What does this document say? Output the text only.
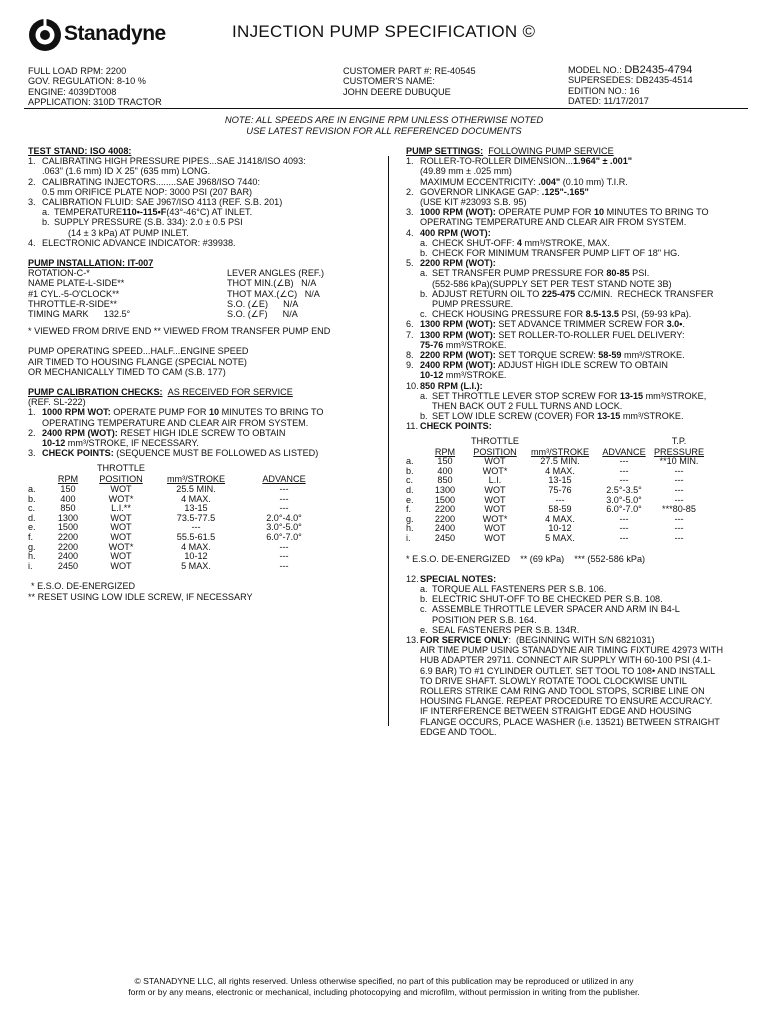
Stanadyne	INJECTION PUMP SPECIFICATION ©
FULL LOAD RPM: 2200
GOV. REGULATION: 8-10 %
ENGINE: 4039DT008
APPLICATION: 310D TRACTOR
CUSTOMER PART #: RE-40545
CUSTOMER'S NAME:
JOHN DEERE DUBUQUE
MODEL NO.: DB2435-4794
SUPERSEDES: DB2435-4514
EDITION NO.: 16
DATED: 11/17/2017
NOTE: ALL SPEEDS ARE IN ENGINE RPM UNLESS OTHERWISE NOTED
USE LATEST REVISION FOR ALL REFERENCED DOCUMENTS
TEST STAND: ISO 4008:
1. CALIBRATING HIGH PRESSURE PIPES...SAE J1418/ISO 4093:
.063" (1.6 mm) ID X 25" (635 mm) LONG.
2. CALIBRATING INJECTORS........SAE J968/ISO 7440:
0.5 mm ORIFICE PLATE NOP: 3000 PSI (207 BAR)
3. CALIBRATION FLUID: SAE J967/ISO 4113 (REF. S.B. 201)
a. TEMPERATURE 110•-115•F (43°-46°C) AT INLET.
b. SUPPLY PRESSURE (S.B. 334): 2.0 ± 0.5 PSI
(14 ± 3 kPa) AT PUMP INLET.
4. ELECTRONIC ADVANCE INDICATOR: #39938.
PUMP INSTALLATION: IT-007
ROTATION-C-*	LEVER ANGLES (REF.)
NAME PLATE-L-SIDE**	THOT MIN.(∠B)   N/A
#1 CYL.-5-O'CLOCK**	THOT MAX.(∠C)   N/A
THROTTLE-R-SIDE**	S.O. (∠E)      N/A
TIMING MARK      132.5°	S.O. (∠F)      N/A
* VIEWED FROM DRIVE END ** VIEWED FROM TRANSFER PUMP END
PUMP OPERATING SPEED...HALF...ENGINE SPEED
AIR TIMED TO HOUSING FLANGE (SPECIAL NOTE)
OR MECHANICALLY TIMED TO CAM (S.B. 177)
PUMP CALIBRATION CHECKS: AS RECEIVED FOR SERVICE
(REF. SL-222)
1. 1000 RPM WOT: OPERATE PUMP FOR 10 MINUTES TO BRING TO
OPERATING TEMPERATURE AND CLEAR AIR FROM SYSTEM.
2. 2400 RPM (WOT): RESET HIGH IDLE SCREW TO OBTAIN
10-12 mm³/STROKE, IF NECESSARY.
3. CHECK POINTS: (SEQUENCE MUST BE FOLLOWED AS LISTED)
		THROTTLE		
	RPM	POSITION	mm³/STROKE	ADVANCE
a.	150	WOT	25.5 MIN.	---
b.	400	WOT*	4 MAX.	---
c.	850	L.I.**	13-15	---
d.	1300	WOT	73.5-77.5	2.0°-4.0°
e.	1500	WOT	---	3.0°-5.0°
f.	2200	WOT	55.5-61.5	6.0°-7.0°
g.	2200	WOT*	4 MAX.	---
h.	2400	WOT	10-12	---
i.	2450	WOT	5 MAX.	---
* E.S.O. DE-ENERGIZED
** RESET USING LOW IDLE SCREW, IF NECESSARY
PUMP SETTINGS: FOLLOWING PUMP SERVICE
1. ROLLER-TO-ROLLER DIMENSION... 1.964" ± .001"
(49.89 mm ± .025 mm)
MAXIMUM ECCENTRICITY: .004" (0.10 mm) T.I.R.
2. GOVERNOR LINKAGE GAP: .125"-.165"
(USE KIT #23093 S.B. 95)
3. 1000 RPM (WOT): OPERATE PUMP FOR 10 MINUTES TO BRING TO
OPERATING TEMPERATURE AND CLEAR AIR FROM SYSTEM.
4. 400 RPM (WOT):
a. CHECK SHUT-OFF: 4 mm³/STROKE, MAX.
b. CHECK FOR MINIMUM TRANSFER PUMP LIFT OF 18" HG.
5. 2200 RPM (WOT):
a. SET TRANSFER PUMP PRESSURE FOR 80-85 PSI.
(552-586 kPa)(SUPPLY SET PER TEST STAND NOTE 3B)
b. ADJUST RETURN OIL TO 225-475 CC/MIN.  RECHECK TRANSFER
PUMP PRESSURE.
c. CHECK HOUSING PRESSURE FOR 8.5-13.5 PSI, (59-93 kPa).
6. 1300 RPM (WOT): SET ADVANCE TRIMMER SCREW FOR 3.0• .
7. 1300 RPM (WOT): SET ROLLER-TO-ROLLER FUEL DELIVERY:
75-76 mm³/STROKE.
8. 2200 RPM (WOT): SET TORQUE SCREW: 58-59 mm³/STROKE.
9. 2400 RPM (WOT): ADJUST HIGH IDLE SCREW TO OBTAIN
10-12 mm³/STROKE.
10. 850 RPM (L.I.):
a. SET THROTTLE LEVER STOP SCREW FOR 13-15 mm³/STROKE,
THEN BACK OUT 2 FULL TURNS AND LOCK.
b. SET LOW IDLE SCREW (COVER) FOR 13-15 mm³/STROKE.
11. CHECK POINTS:
		THROTTLE			T.P.
	RPM	POSITION	mm³/STROKE	ADVANCE	PRESSURE
a.	150	WOT	27.5 MIN.	---	**10 MIN.
b.	400	WOT*	4 MAX.	---	---
c.	850	L.I.	13-15	---	---
d.	1300	WOT	75-76	2.5°-3.5°	---
e.	1500	WOT	---	3.0°-5.0°	---
f.	2200	WOT	58-59	6.0°-7.0°	***80-85
g.	2200	WOT*	4 MAX.	---	---
h.	2400	WOT	10-12	---	---
i.	2450	WOT	5 MAX.	---	---
* E.S.O. DE-ENERGIZED    ** (69 kPa)    *** (552-586 kPa)
12. SPECIAL NOTES:
a. TORQUE ALL FASTENERS PER S.B. 106.
b. ELECTRIC SHUT-OFF TO BE CHECKED PER S.B. 108.
c. ASSEMBLE THROTTLE LEVER SPACER AND ARM IN B4-L
POSITION PER S.B. 164.
e. SEAL FASTENERS PER S.B. 134R.
13. FOR SERVICE ONLY :  (BEGINNING WITH S/N 6821031)
AIR TIME PUMP USING STANADYNE AIR TIMING FIXTURE 42973 WITH
HUB ADAPTER 29711. CONNECT AIR SUPPLY WITH 60-100 PSI (4.1-
6.9 BAR) TO #1 CYLINDER OUTLET. SET TOOL TO 108• AND INSTALL
TO DRIVE SHAFT. SLOWLY ROTATE TOOL CLOCKWISE UNTIL
ROLLERS STRIKE CAM RING AND TOOL STOPS, SCRIBE LINE ON
HOUSING FLANGE. REPEAT PROCEDURE TO ENSURE ACCURACY.
IF INTERFERENCE BETWEEN STRAIGHT EDGE AND HOUSING
FLANGE OCCURS, PLACE WASHER (i.e. 13521) BETWEEN STRAIGHT
EDGE AND TOOL.
© STANADYNE LLC, all rights reserved. Unless otherwise specified, no part of this publication may be reproduced or utilized in any
form or by any means, electronic or mechanical, including photocopying and microfilm, without permission in writing from the publisher.
